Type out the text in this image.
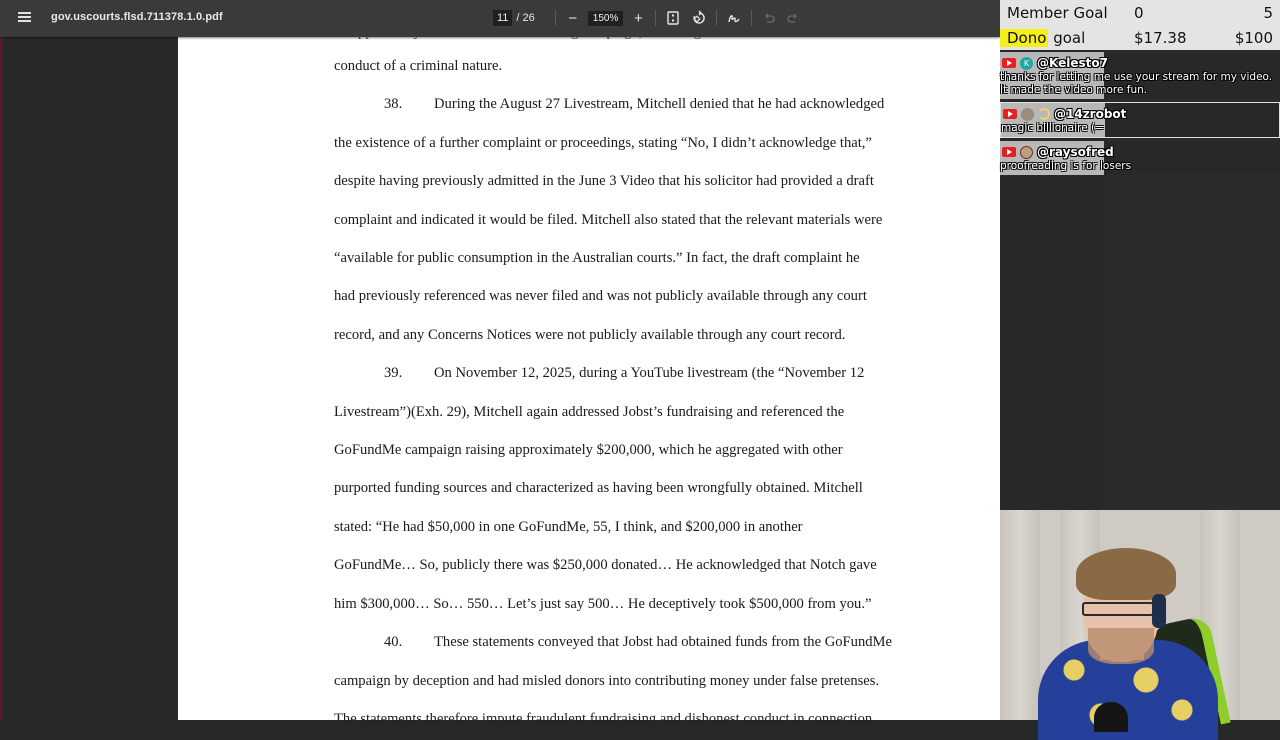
gov.uscourts.flsd.711378.1.0.pdf	11 / 26	−	150%	+

conduct of a criminal nature.

38. During the August 27 Livestream, Mitchell denied that he had acknowledged

the existence of a further complaint or proceedings, stating “No, I didn’t acknowledge that,”

despite having previously admitted in the June 3 Video that his solicitor had provided a draft

complaint and indicated it would be filed. Mitchell also stated that the relevant materials were

“available for public consumption in the Australian courts.” In fact, the draft complaint he

had previously referenced was never filed and was not publicly available through any court

record, and any Concerns Notices were not publicly available through any court record.

39. On November 12, 2025, during a YouTube livestream (the “November 12

Livestream”)(Exh. 29), Mitchell again addressed Jobst’s fundraising and referenced the

GoFundMe campaign raising approximately $200,000, which he aggregated with other

purported funding sources and characterized as having been wrongfully obtained. Mitchell

stated: “He had $50,000 in one GoFundMe, 55, I think, and $200,000 in another

GoFundMe… So, publicly there was $250,000 donated… He acknowledged that Notch gave

him $300,000… So… 550… Let’s just say 500… He deceptively took $500,000 from you.”

40. These statements conveyed that Jobst had obtained funds from the GoFundMe

campaign by deception and had misled donors into contributing money under false pretenses.

The statements therefore impute fraudulent fundraising and dishonest conduct in connection

Member Goal 0	5
Dono goal	$17.38	$100
K @Kelesto7
thanks for letting me use your stream for my video. It made the video more fun.
@14zrobot
magic billionaire (=
@raysofred
proofreading is for losers
